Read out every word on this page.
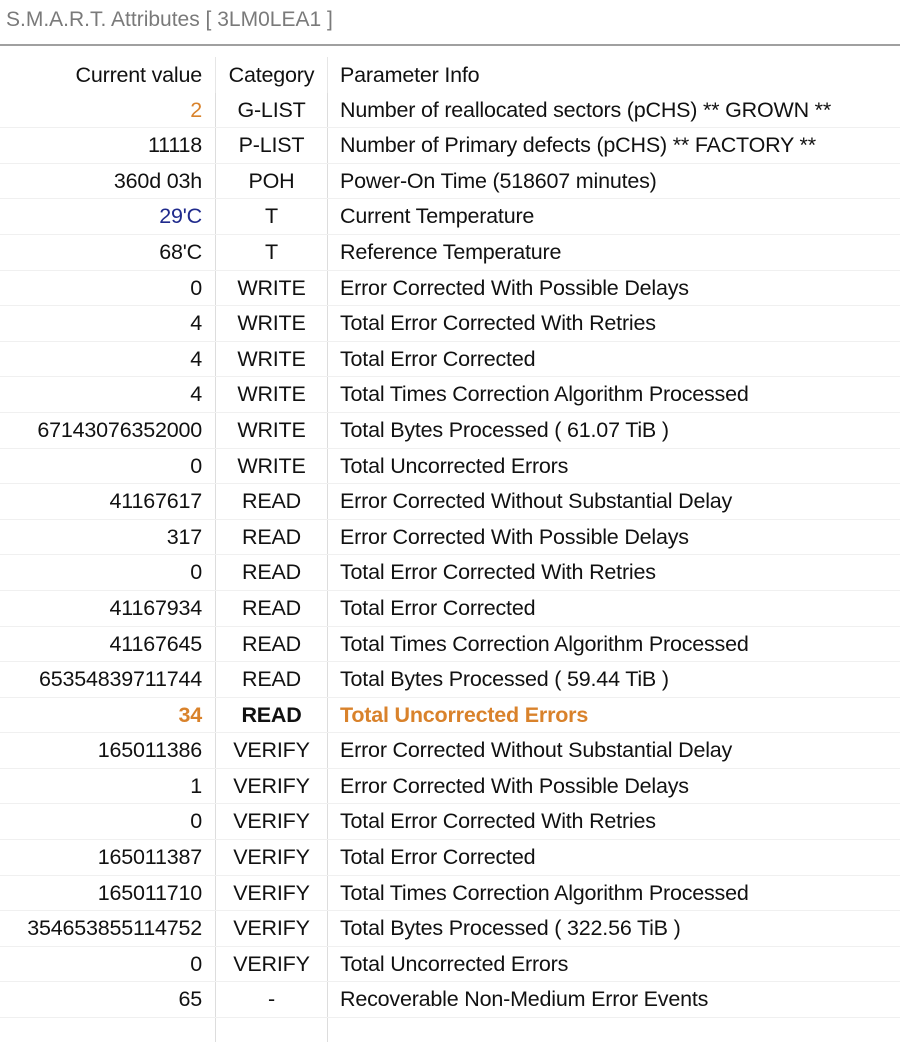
S.M.A.R.T. Attributes [ 3LM0LEA1 ]
Current value	Category	Parameter Info
2	G-LIST	Number of reallocated sectors (pCHS) ** GROWN **
11118	P-LIST	Number of Primary defects (pCHS) ** FACTORY **
360d 03h	POH	Power-On Time (518607 minutes)
29'C	T	Current Temperature
68'C	T	Reference Temperature
0	WRITE	Error Corrected With Possible Delays
4	WRITE	Total Error Corrected With Retries
4	WRITE	Total Error Corrected
4	WRITE	Total Times Correction Algorithm Processed
67143076352000	WRITE	Total Bytes Processed ( 61.07 TiB )
0	WRITE	Total Uncorrected Errors
41167617	READ	Error Corrected Without Substantial Delay
317	READ	Error Corrected With Possible Delays
0	READ	Total Error Corrected With Retries
41167934	READ	Total Error Corrected
41167645	READ	Total Times Correction Algorithm Processed
65354839711744	READ	Total Bytes Processed ( 59.44 TiB )
34	READ	Total Uncorrected Errors
165011386	VERIFY	Error Corrected Without Substantial Delay
1	VERIFY	Error Corrected With Possible Delays
0	VERIFY	Total Error Corrected With Retries
165011387	VERIFY	Total Error Corrected
165011710	VERIFY	Total Times Correction Algorithm Processed
354653855114752	VERIFY	Total Bytes Processed ( 322.56 TiB )
0	VERIFY	Total Uncorrected Errors
65	-	Recoverable Non-Medium Error Events
